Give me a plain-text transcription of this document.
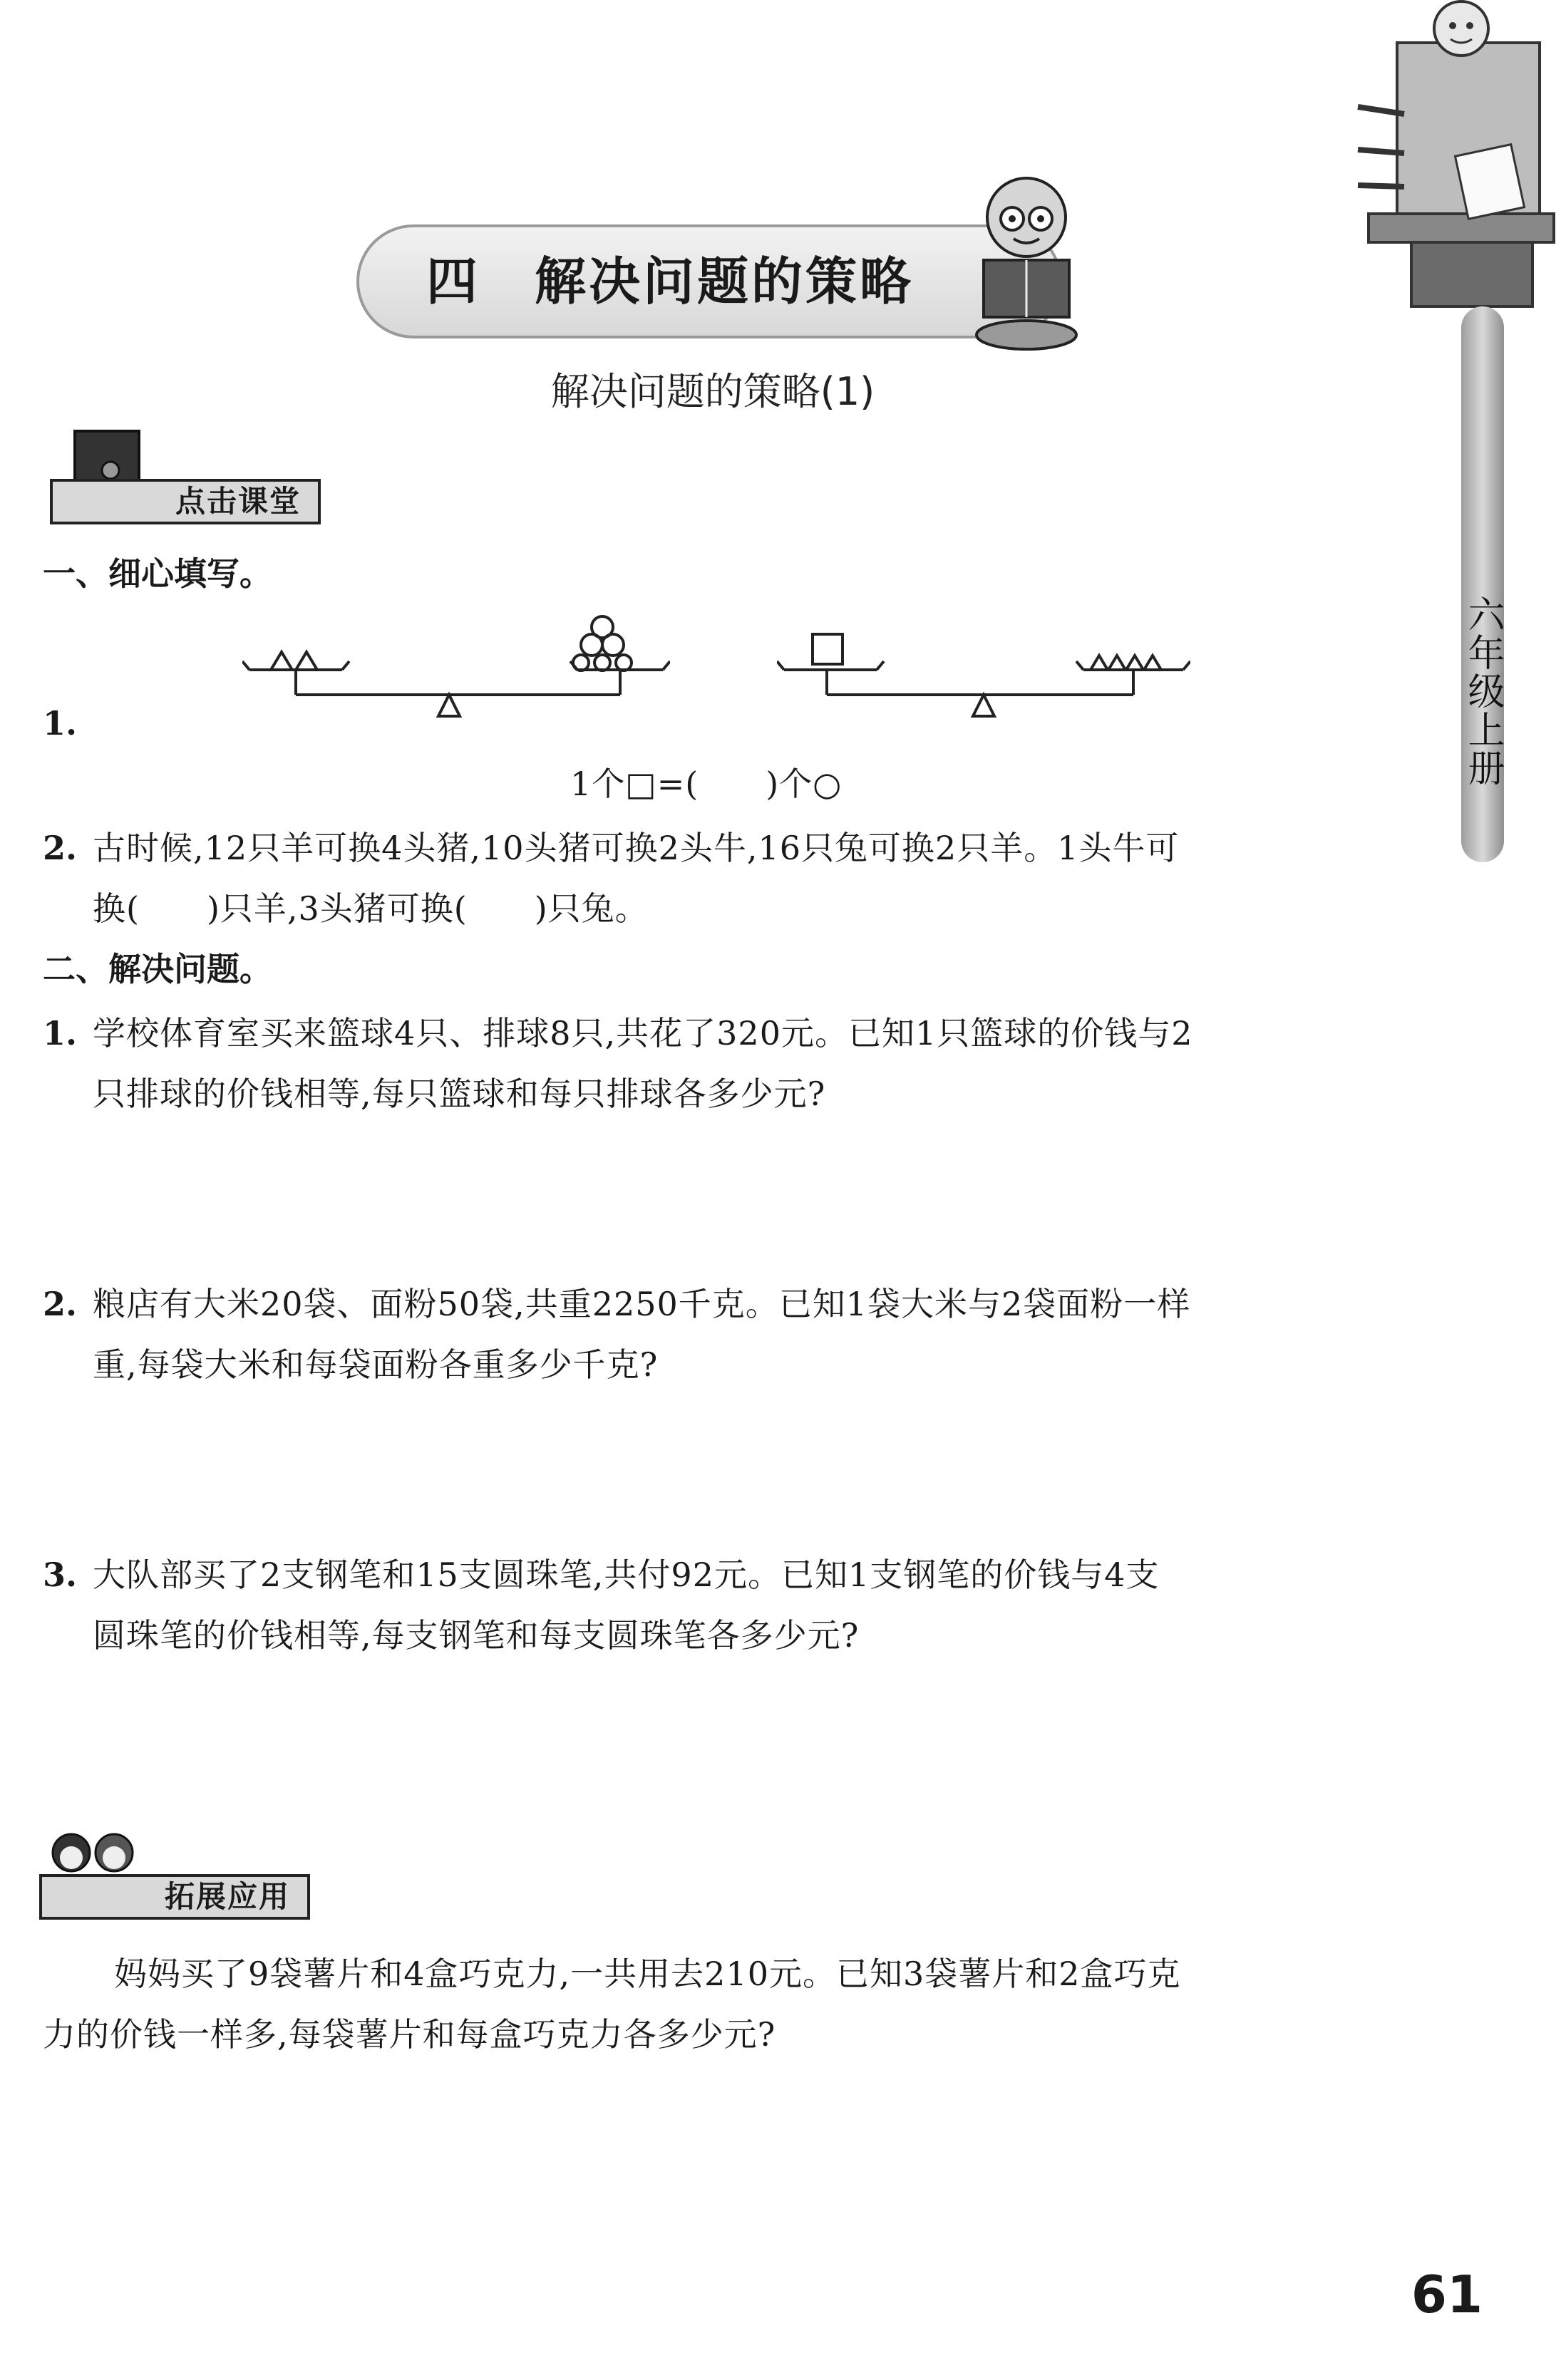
六年级上册
四　解决问题的策略
解决问题的策略(1)
点击课堂
一、细心填写。
1.
1个□=(　　)个○
2. 古时候,12只羊可换4头猪,10头猪可换2头牛,16只兔可换2只羊。1头牛可
换(　　)只羊,3头猪可换(　　)只兔。
二、解决问题。
1. 学校体育室买来篮球4只、排球8只,共花了320元。已知1只篮球的价钱与2
只排球的价钱相等,每只篮球和每只排球各多少元?
2. 粮店有大米20袋、面粉50袋,共重2250千克。已知1袋大米与2袋面粉一样
重,每袋大米和每袋面粉各重多少千克?
3. 大队部买了2支钢笔和15支圆珠笔,共付92元。已知1支钢笔的价钱与4支
圆珠笔的价钱相等,每支钢笔和每支圆珠笔各多少元?
拓展应用
妈妈买了9袋薯片和4盒巧克力,一共用去210元。已知3袋薯片和2盒巧克
力的价钱一样多,每袋薯片和每盒巧克力各多少元?
61
